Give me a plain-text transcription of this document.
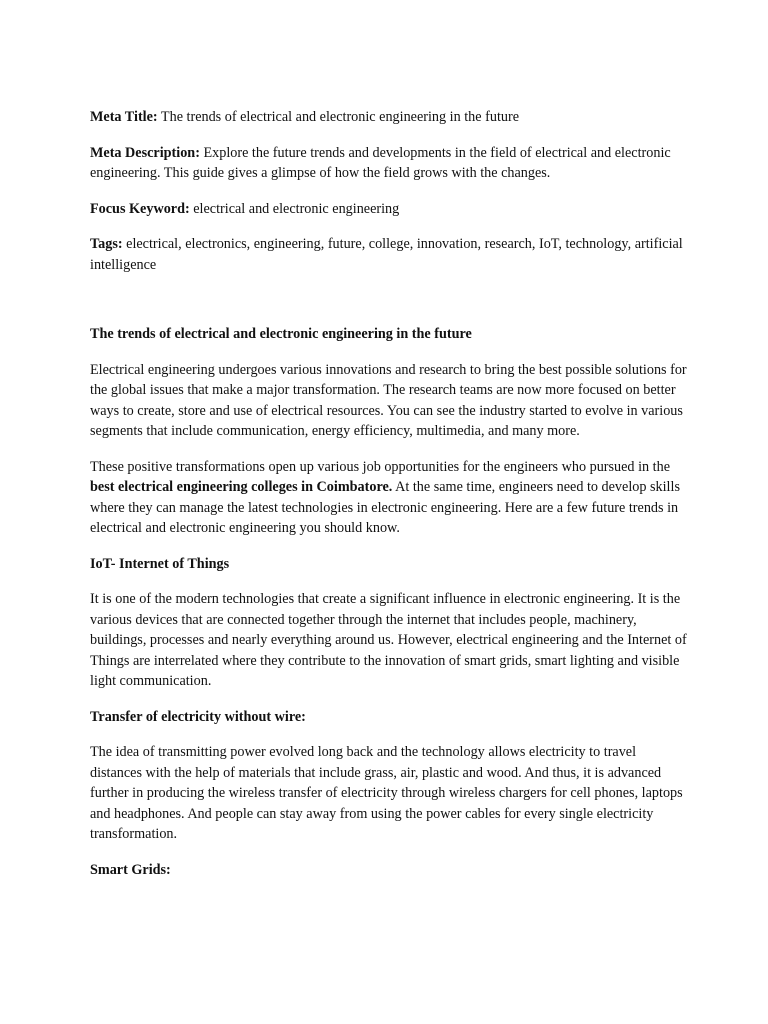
Meta Title: The trends of electrical and electronic engineering in the future

Meta Description: Explore the future trends and developments in the field of electrical and electronic engineering. This guide gives a glimpse of how the field grows with the changes.

Focus Keyword: electrical and electronic engineering

Tags: electrical, electronics, engineering, future, college, innovation, research, IoT, technology, artificial intelligence

The trends of electrical and electronic engineering in the future

Electrical engineering undergoes various innovations and research to bring the best possible solutions for the global issues that make a major transformation. The research teams are now more focused on better ways to create, store and use of electrical resources. You can see the industry started to evolve in various segments that include communication, energy efficiency, multimedia, and many more.

These positive transformations open up various job opportunities for the engineers who pursued in the best electrical engineering colleges in Coimbatore. At the same time, engineers need to develop skills where they can manage the latest technologies in electronic engineering. Here are a few future trends in electrical and electronic engineering you should know.

IoT- Internet of Things

It is one of the modern technologies that create a significant influence in electronic engineering. It is the various devices that are connected together through the internet that includes people, machinery, buildings, processes and nearly everything around us. However, electrical engineering and the Internet of Things are interrelated where they contribute to the innovation of smart grids, smart lighting and visible light communication.

Transfer of electricity without wire:

The idea of transmitting power evolved long back and the technology allows electricity to travel distances with the help of materials that include grass, air, plastic and wood. And thus, it is advanced further in producing the wireless transfer of electricity through wireless chargers for cell phones, laptops and headphones. And people can stay away from using the power cables for every single electricity transformation.

Smart Grids:
